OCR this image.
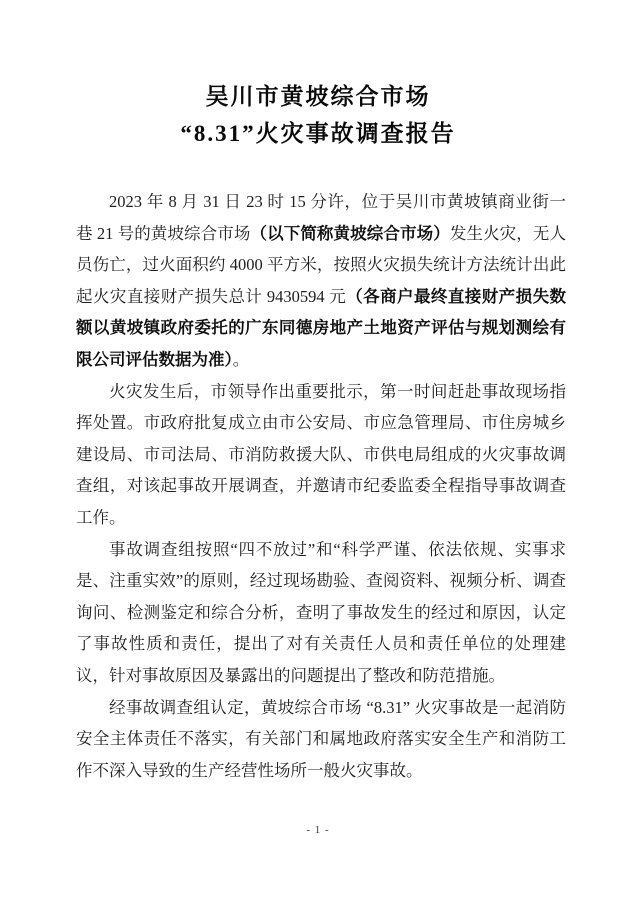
吴川市黄坡综合市场
“8.31”火灾事故调查报告

2023 年 8 月 31 日 23 时 15 分许，位于吴川市黄坡镇商业街一巷 21 号的黄坡综合市场（以下简称黄坡综合市场）发生火灾，无人员伤亡，过火面积约 4000 平方米，按照火灾损失统计方法统计出此起火灾直接财产损失总计 9430594 元（各商户最终直接财产损失数额以黄坡镇政府委托的广东同德房地产土地资产评估与规划测绘有限公司评估数据为准）。

火灾发生后，市领导作出重要批示，第一时间赶赴事故现场指挥处置。市政府批复成立由市公安局、市应急管理局、市住房城乡建设局、市司法局、市消防救援大队、市供电局组成的火灾事故调查组，对该起事故开展调查，并邀请市纪委监委全程指导事故调查工作。

事故调查组按照“四不放过”和“科学严谨、依法依规、实事求是、注重实效”的原则，经过现场勘验、查阅资料、视频分析、调查询问、检测鉴定和综合分析，查明了事故发生的经过和原因，认定了事故性质和责任，提出了对有关责任人员和责任单位的处理建议，针对事故原因及暴露出的问题提出了整改和防范措施。

经事故调查组认定，黄坡综合市场 “8.31” 火灾事故是一起消防安全主体责任不落实，有关部门和属地政府落实安全生产和消防工作不深入导致的生产经营性场所一般火灾事故。

- 1 -
